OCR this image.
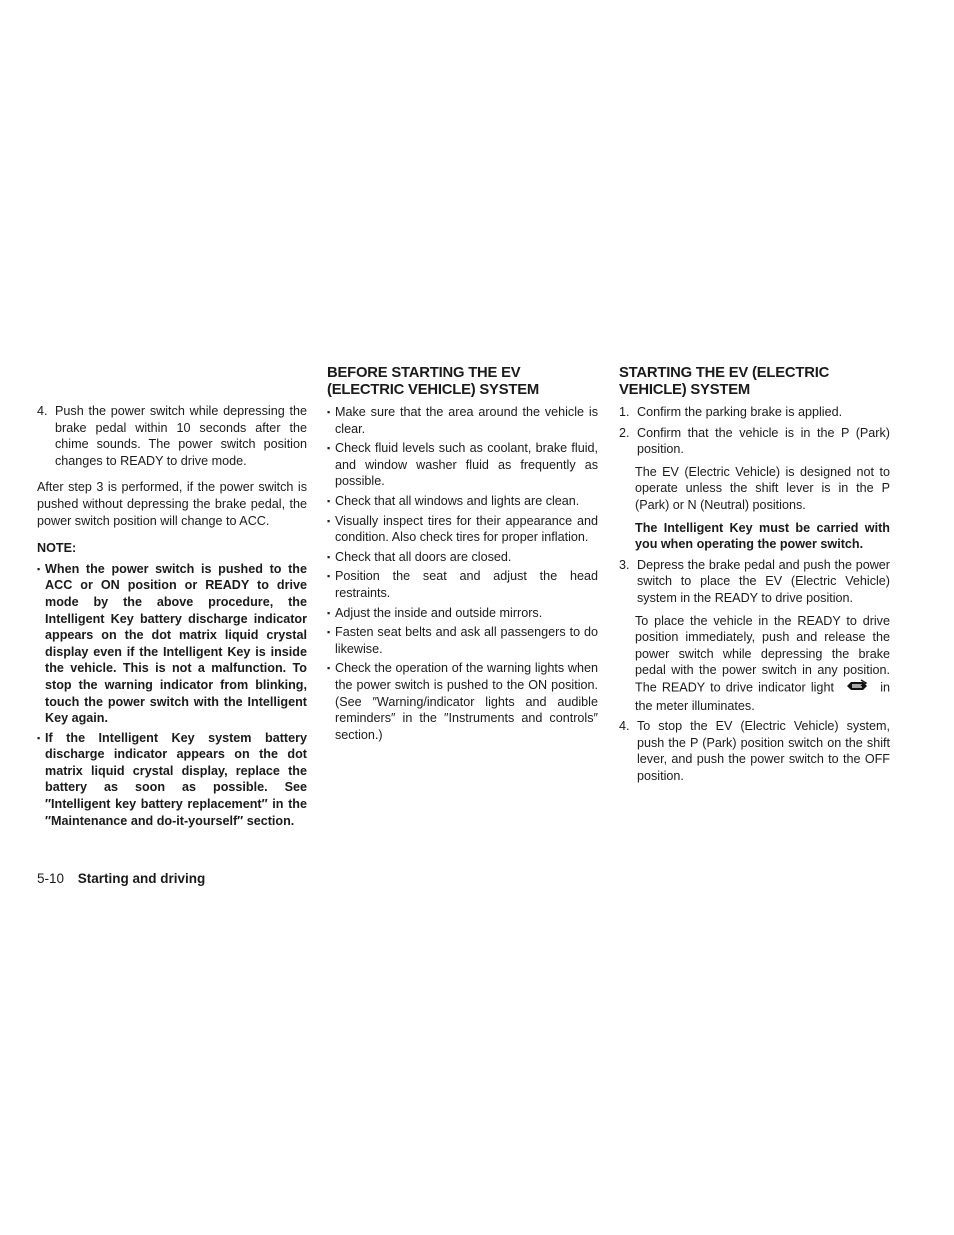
4. Push the power switch while depressing the brake pedal within 10 seconds after the chime sounds. The power switch position changes to READY to drive mode.

After step 3 is performed, if the power switch is pushed without depressing the brake pedal, the power switch position will change to ACC.

NOTE:

▪ When the power switch is pushed to the ACC or ON position or READY to drive mode by the above procedure, the Intelligent Key battery discharge indicator appears on the dot matrix liquid crystal display even if the Intelligent Key is inside the vehicle. This is not a malfunction. To stop the warning indicator from blinking, touch the power switch with the Intelligent Key again.

▪ If the Intelligent Key system battery discharge indicator appears on the dot matrix liquid crystal display, replace the battery as soon as possible. See ″Intelligent key battery replacement″ in the ″Maintenance and do-it-yourself″ section.

BEFORE STARTING THE EV (ELECTRIC VEHICLE) SYSTEM

▪ Make sure that the area around the vehicle is clear.

▪ Check fluid levels such as coolant, brake fluid, and window washer fluid as frequently as possible.

▪ Check that all windows and lights are clean.

▪ Visually inspect tires for their appearance and condition. Also check tires for proper inflation.

▪ Check that all doors are closed.

▪ Position the seat and adjust the head restraints.

▪ Adjust the inside and outside mirrors.

▪ Fasten seat belts and ask all passengers to do likewise.

▪ Check the operation of the warning lights when the power switch is pushed to the ON position. (See ″Warning/indicator lights and audible reminders″ in the ″Instruments and controls″ section.)

STARTING THE EV (ELECTRIC VEHICLE) SYSTEM

1. Confirm the parking brake is applied.

2. Confirm that the vehicle is in the P (Park) position.

The EV (Electric Vehicle) is designed not to operate unless the shift lever is in the P (Park) or N (Neutral) positions.

The Intelligent Key must be carried with you when operating the power switch.

3. Depress the brake pedal and push the power switch to place the EV (Electric Vehicle) system in the READY to drive position.

To place the vehicle in the READY to drive position immediately, push and release the power switch while depressing the brake pedal with the power switch in any position. The READY to drive indicator light	in the meter illuminates.

4. To stop the EV (Electric Vehicle) system, push the P (Park) position switch on the shift lever, and push the power switch to the OFF position.

5-10 Starting and driving
